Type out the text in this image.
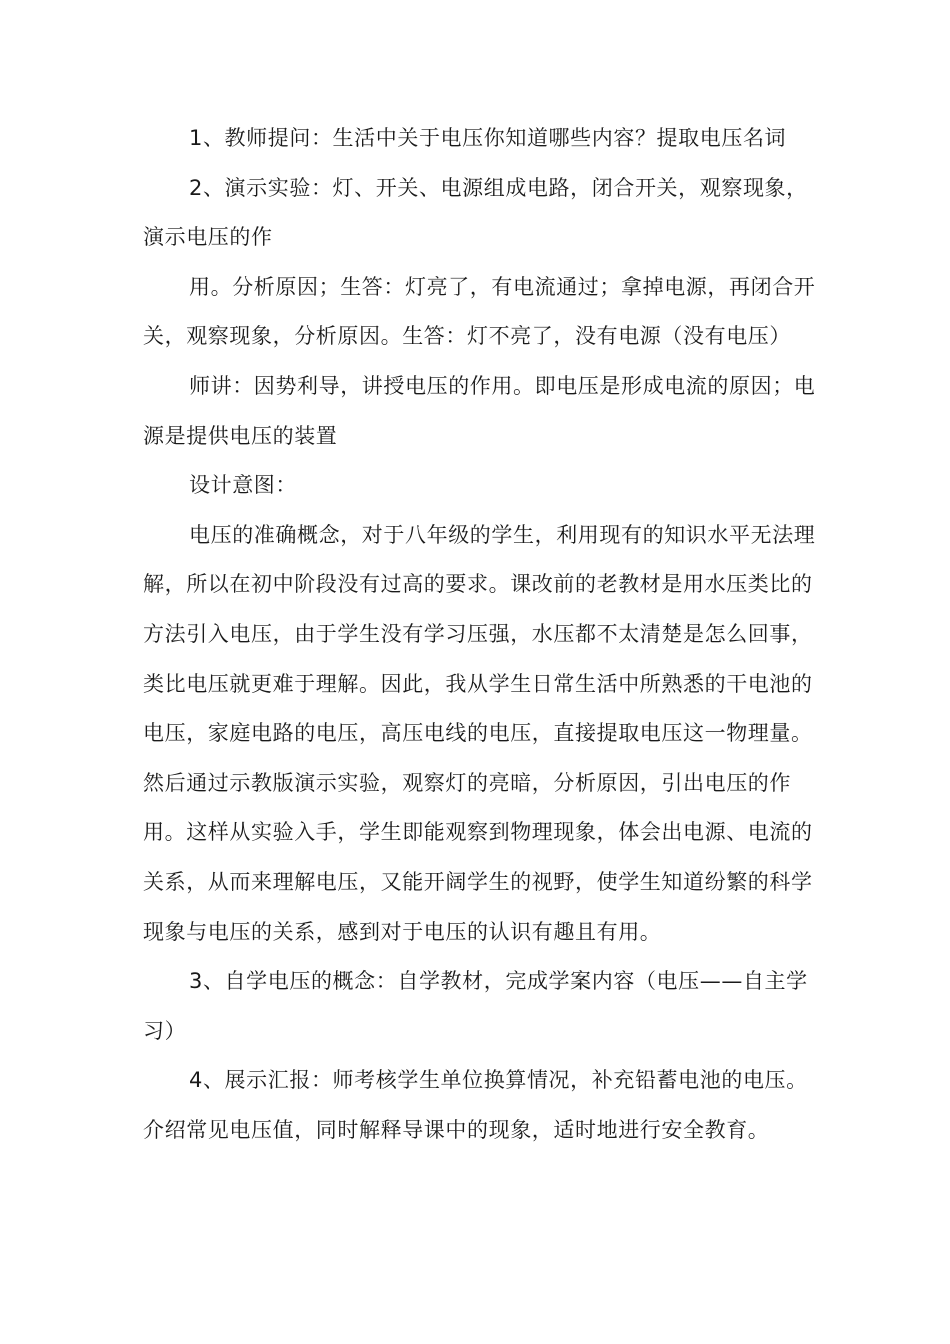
1、教师提问：生活中关于电压你知道哪些内容？提取电压名词

2、演示实验：灯、开关、电源组成电路，闭合开关，观察现象，演示电压的作

用。分析原因；生答：灯亮了，有电流通过；拿掉电源，再闭合开关，观察现象，分析原因。生答：灯不亮了，没有电源（没有电压）

师讲：因势利导，讲授电压的作用。即电压是形成电流的原因；电源是提供电压的装置

设计意图：

电压的准确概念，对于八年级的学生，利用现有的知识水平无法理解，所以在初中阶段没有过高的要求。课改前的老教材是用水压类比的方法引入电压，由于学生没有学习压强，水压都不太清楚是怎么回事，类比电压就更难于理解。因此，我从学生日常生活中所熟悉的干电池的电压，家庭电路的电压，高压电线的电压，直接提取电压这一物理量。然后通过示教版演示实验，观察灯的亮暗，分析原因，引出电压的作用。这样从实验入手，学生即能观察到物理现象，体会出电源、电流的关系，从而来理解电压，又能开阔学生的视野，使学生知道纷繁的科学现象与电压的关系，感到对于电压的认识有趣且有用。

3、自学电压的概念：自学教材，完成学案内容（电压——自主学习）

4、展示汇报：师考核学生单位换算情况，补充铅蓄电池的电压。介绍常见电压值，同时解释导课中的现象，适时地进行安全教育。
